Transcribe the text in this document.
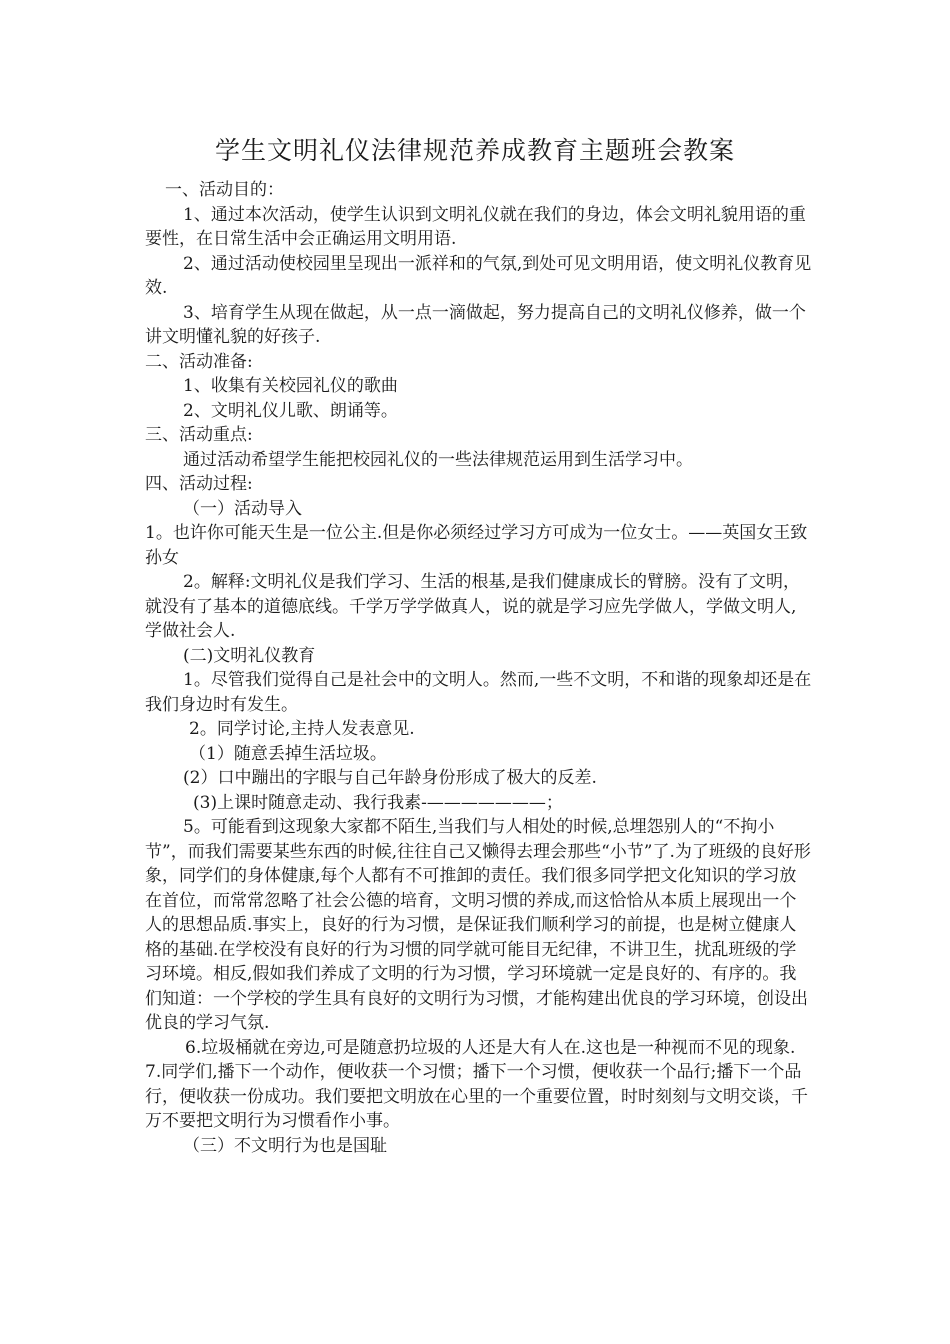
学生文明礼仪法律规范养成教育主题班会教案

一、活动目的：

1、通过本次活动，使学生认识到文明礼仪就在我们的身边，体会文明礼貌用语的重要性，在日常生活中会正确运用文明用语.

2、通过活动使校园里呈现出一派祥和的气氛,到处可见文明用语，使文明礼仪教育见效.

3、培育学生从现在做起，从一点一滴做起，努力提高自己的文明礼仪修养，做一个讲文明懂礼貌的好孩子.

二、活动准备:

1、收集有关校园礼仪的歌曲

2、文明礼仪儿歌、朗诵等。

三、活动重点:

通过活动希望学生能把校园礼仪的一些法律规范运用到生活学习中。

四、活动过程:

（一）活动导入

1。也许你可能天生是一位公主.但是你必须经过学习方可成为一位女士。——英国女王致孙女

2。解释:文明礼仪是我们学习、生活的根基,是我们健康成长的臂膀。没有了文明，就没有了基本的道德底线。千学万学学做真人，说的就是学习应先学做人，学做文明人,学做社会人.

(二)文明礼仪教育

1。尽管我们觉得自己是社会中的文明人。然而,一些不文明，不和谐的现象却还是在我们身边时有发生。

2。同学讨论,主持人发表意见.

（1）随意丢掉生活垃圾。

(2）口中蹦出的字眼与自己年龄身份形成了极大的反差.

(3)上课时随意走动、我行我素-———————；

5。可能看到这现象大家都不陌生,当我们与人相处的时候,总埋怨别人的“不拘小节”，而我们需要某些东西的时候,往往自己又懒得去理会那些“小节”了.为了班级的良好形象，同学们的身体健康,每个人都有不可推卸的责任。我们很多同学把文化知识的学习放在首位，而常常忽略了社会公德的培育，文明习惯的养成,而这恰恰从本质上展现出一个人的思想品质.事实上，良好的行为习惯，是保证我们顺利学习的前提，也是树立健康人格的基础.在学校没有良好的行为习惯的同学就可能目无纪律，不讲卫生，扰乱班级的学习环境。相反,假如我们养成了文明的行为习惯，学习环境就一定是良好的、有序的。我们知道：一个学校的学生具有良好的文明行为习惯，才能构建出优良的学习环境，创设出优良的学习气氛.

6.垃圾桶就在旁边,可是随意扔垃圾的人还是大有人在.这也是一种视而不见的现象.

7.同学们,播下一个动作，便收获一个习惯；播下一个习惯，便收获一个品行;播下一个品行，便收获一份成功。我们要把文明放在心里的一个重要位置，时时刻刻与文明交谈，千万不要把文明行为习惯看作小事。

（三）不文明行为也是国耻
